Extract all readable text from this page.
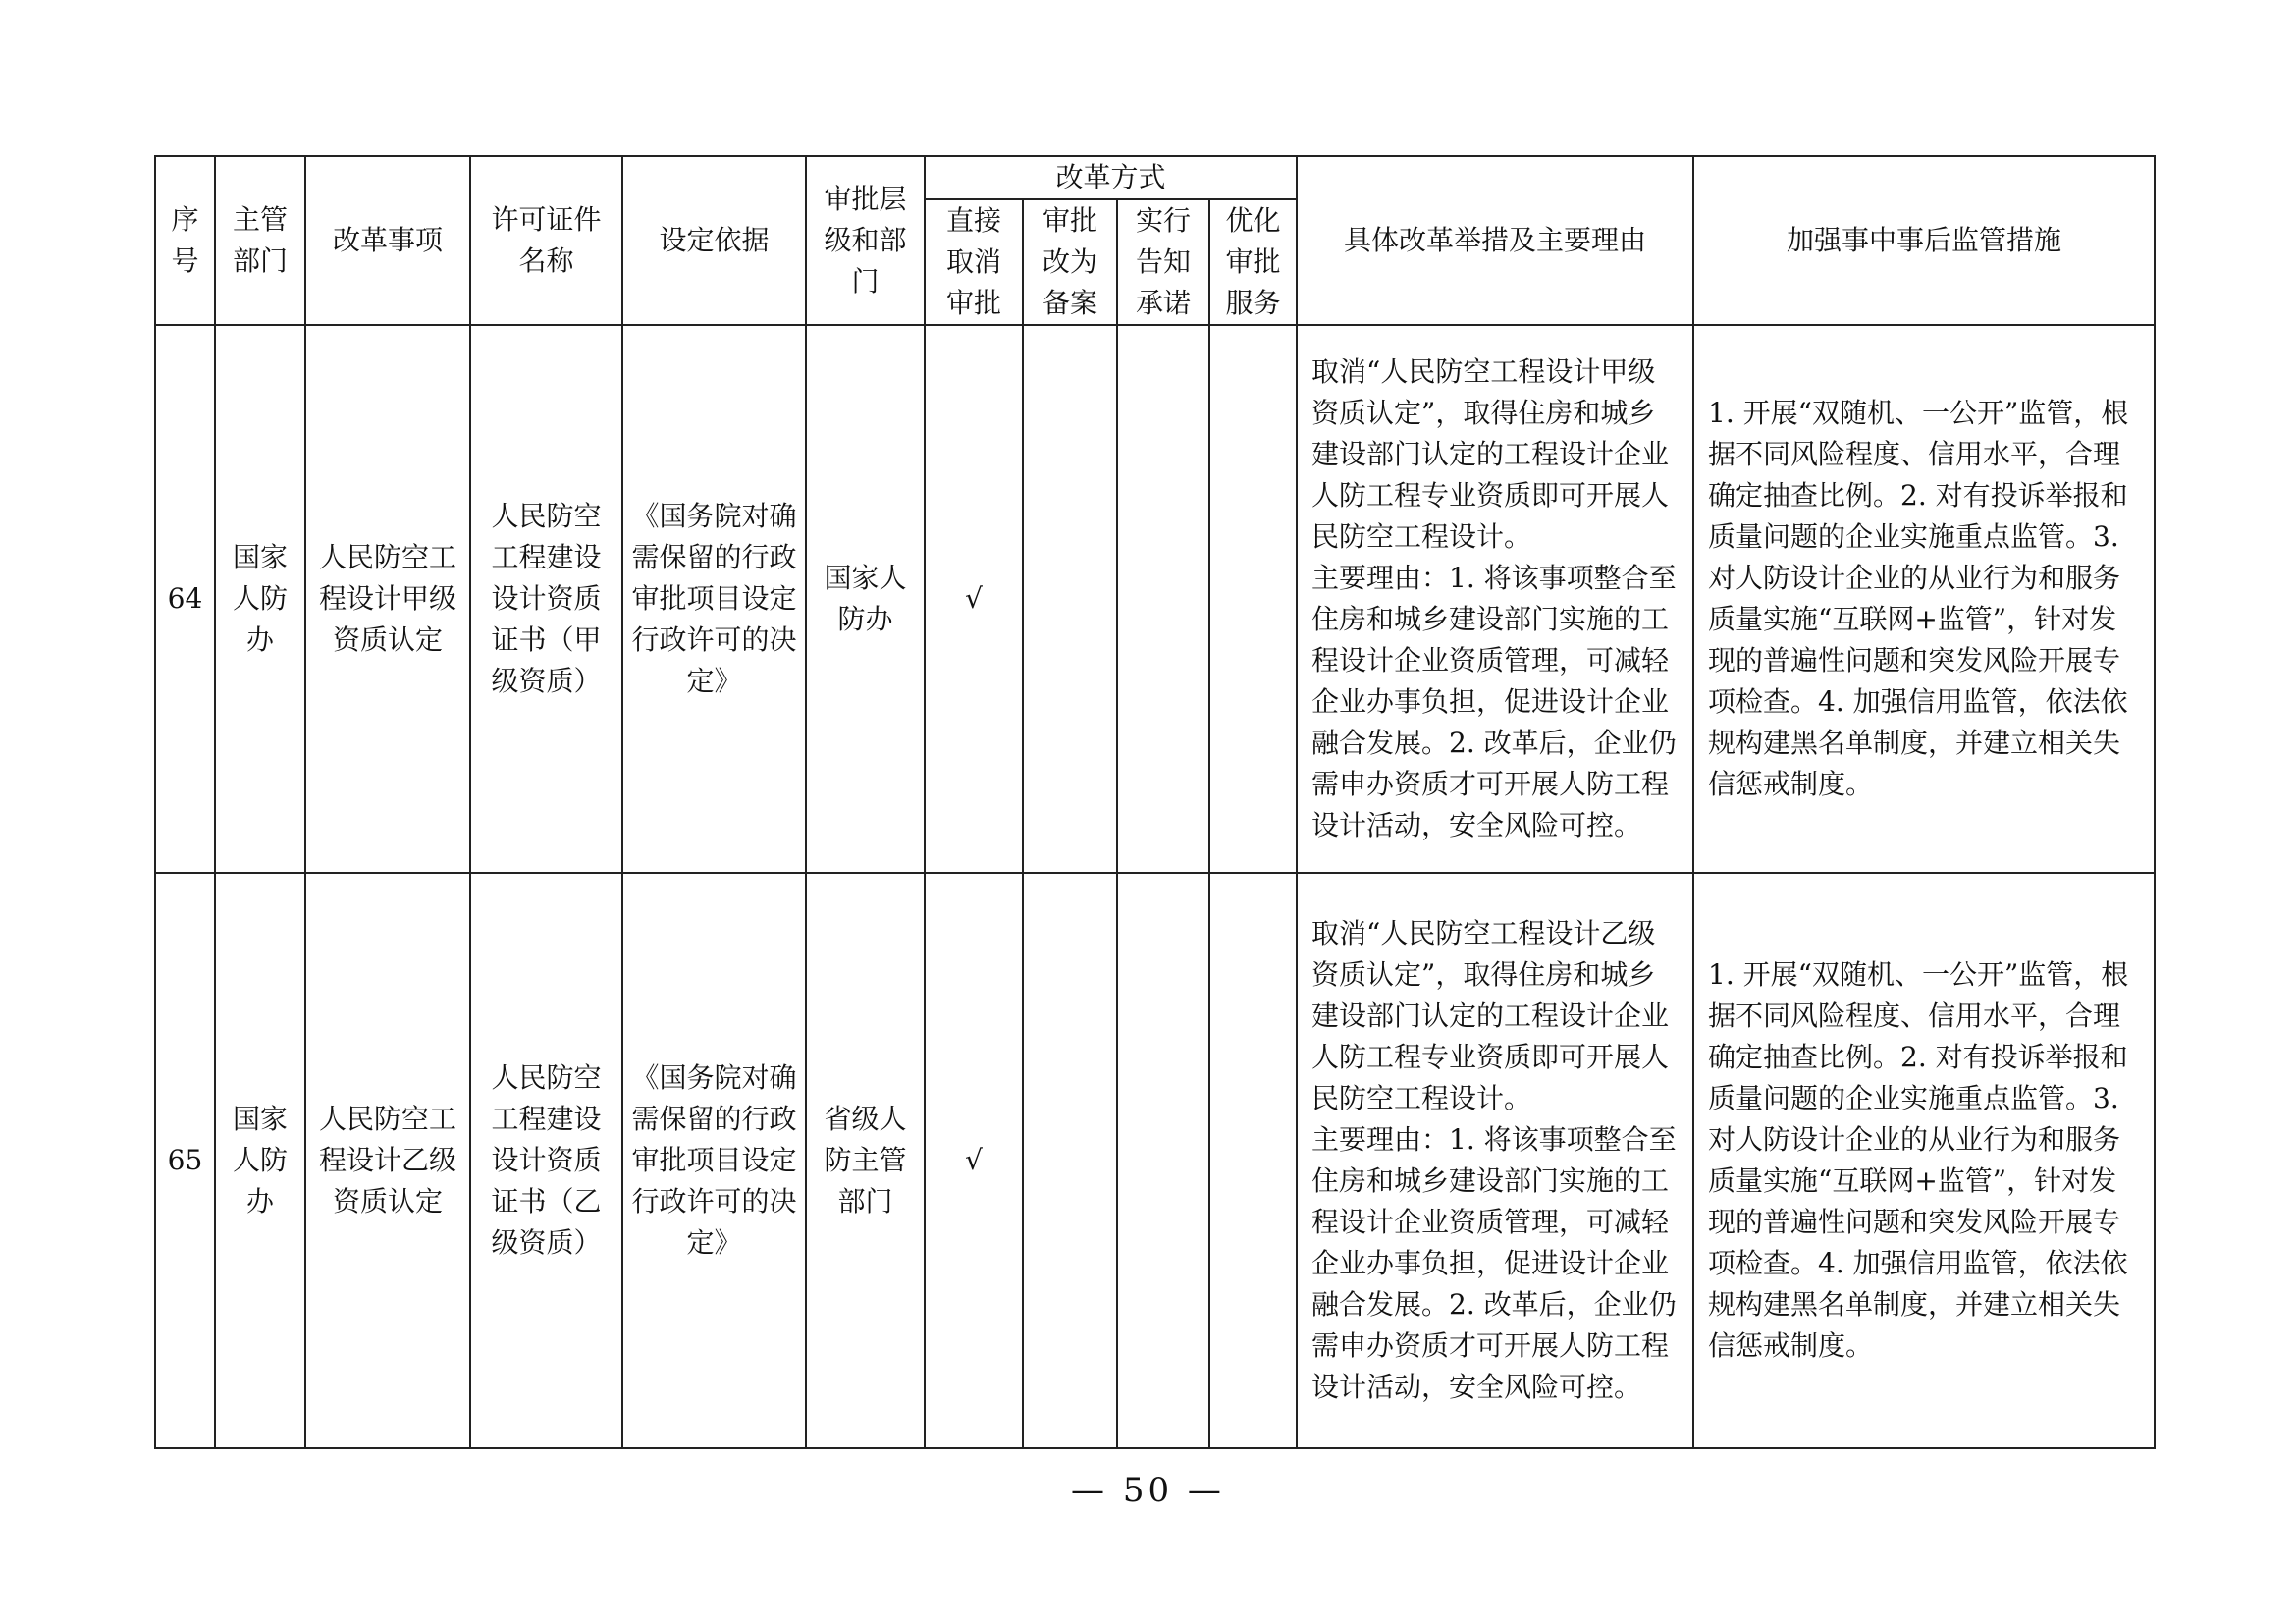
序号	主管部门	改革事项	许可证件名称	设定依据	审批层级和部门	改革方式				具体改革举措及主要理由	加强事中事后监管措施

						直接取消审批	审批改为备案	实行告知承诺	优化审批服务		

64	国家人防办	人民防空工程设计甲级资质认定	人民防空工程建设设计资质证书（甲级资质）	《国务院对确需保留的行政审批项目设定行政许可的决定》	国家人防办	√				取消“人民防空工程设计甲级资质认定”，取得住房和城乡建设部门认定的工程设计企业人防工程专业资质即可开展人民防空工程设计。
主要理由：1. 将该事项整合至住房和城乡建设部门实施的工程设计企业资质管理，可减轻企业办事负担，促进设计企业融合发展。2. 改革后，企业仍需申办资质才可开展人防工程设计活动，安全风险可控。	1. 开展“双随机、一公开”监管，根据不同风险程度、信用水平，合理确定抽查比例。2. 对有投诉举报和质量问题的企业实施重点监管。3. 对人防设计企业的从业行为和服务质量实施“互联网+监管”，针对发现的普遍性问题和突发风险开展专项检查。4. 加强信用监管，依法依规构建黑名单制度，并建立相关失信惩戒制度。

65	国家人防办	人民防空工程设计乙级资质认定	人民防空工程建设设计资质证书（乙级资质）	《国务院对确需保留的行政审批项目设定行政许可的决定》	省级人防主管部门	√				取消“人民防空工程设计乙级资质认定”，取得住房和城乡建设部门认定的工程设计企业人防工程专业资质即可开展人民防空工程设计。
主要理由：1. 将该事项整合至住房和城乡建设部门实施的工程设计企业资质管理，可减轻企业办事负担，促进设计企业融合发展。2. 改革后，企业仍需申办资质才可开展人防工程设计活动，安全风险可控。	1. 开展“双随机、一公开”监管，根据不同风险程度、信用水平，合理确定抽查比例。2. 对有投诉举报和质量问题的企业实施重点监管。3. 对人防设计企业的从业行为和服务质量实施“互联网+监管”，针对发现的普遍性问题和突发风险开展专项检查。4. 加强信用监管，依法依规构建黑名单制度，并建立相关失信惩戒制度。
— 50 —
